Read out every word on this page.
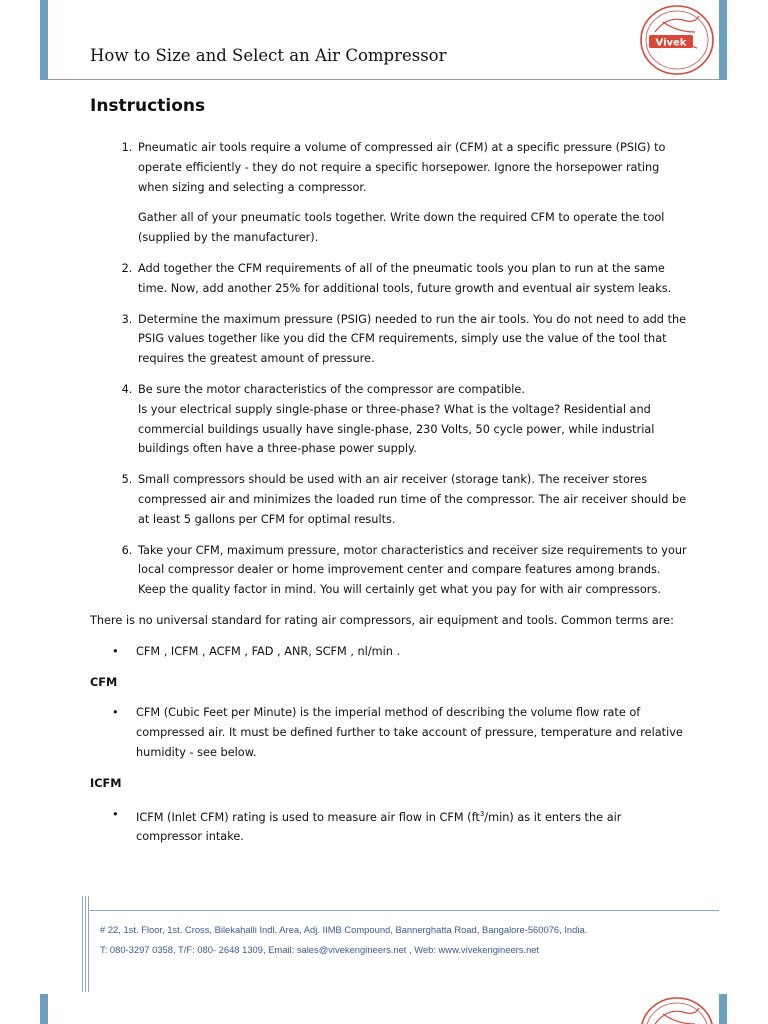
How to Size and Select an Air Compressor
Vivek
Instructions

1. Pneumatic air tools require a volume of compressed air (CFM) at a specific pressure (PSIG) to operate efficiently - they do not require a specific horsepower. Ignore the horsepower rating when sizing and selecting a compressor.

Gather all of your pneumatic tools together. Write down the required CFM to operate the tool (supplied by the manufacturer).

2. Add together the CFM requirements of all of the pneumatic tools you plan to run at the same time. Now, add another 25% for additional tools, future growth and eventual air system leaks.

3. Determine the maximum pressure (PSIG) needed to run the air tools. You do not need to add the PSIG values together like you did the CFM requirements, simply use the value of the tool that requires the greatest amount of pressure.

4. Be sure the motor characteristics of the compressor are compatible.

Is your electrical supply single-phase or three-phase? What is the voltage? Residential and commercial buildings usually have single-phase, 230 Volts, 50 cycle power, while industrial buildings often have a three-phase power supply.

5. Small compressors should be used with an air receiver (storage tank). The receiver stores compressed air and minimizes the loaded run time of the compressor. The air receiver should be at least 5 gallons per CFM for optimal results.

6. Take your CFM, maximum pressure, motor characteristics and receiver size requirements to your local compressor dealer or home improvement center and compare features among brands. Keep the quality factor in mind. You will certainly get what you pay for with air compressors.

There is no universal standard for rating air compressors, air equipment and tools. Common terms are:

• CFM , ICFM , ACFM , FAD , ANR, SCFM , nl/min .

CFM

• CFM (Cubic Feet per Minute) is the imperial method of describing the volume flow rate of compressed air. It must be defined further to take account of pressure, temperature and relative humidity - see below.

ICFM

• ICFM (Inlet CFM) rating is used to measure air flow in CFM $(ft^3/\min)$ as it enters the air compressor intake.
# 22, 1st. Floor, 1st. Cross, Bilekahalli Indl. Area, Adj. IIMB Compound, Bannerghatta Road, Bangalore-560076, India.
T: 080-3297 0358, T/F: 080- 2648 1309, Email: sales@vivekengineers.net , Web: www.vivekengineers.net
